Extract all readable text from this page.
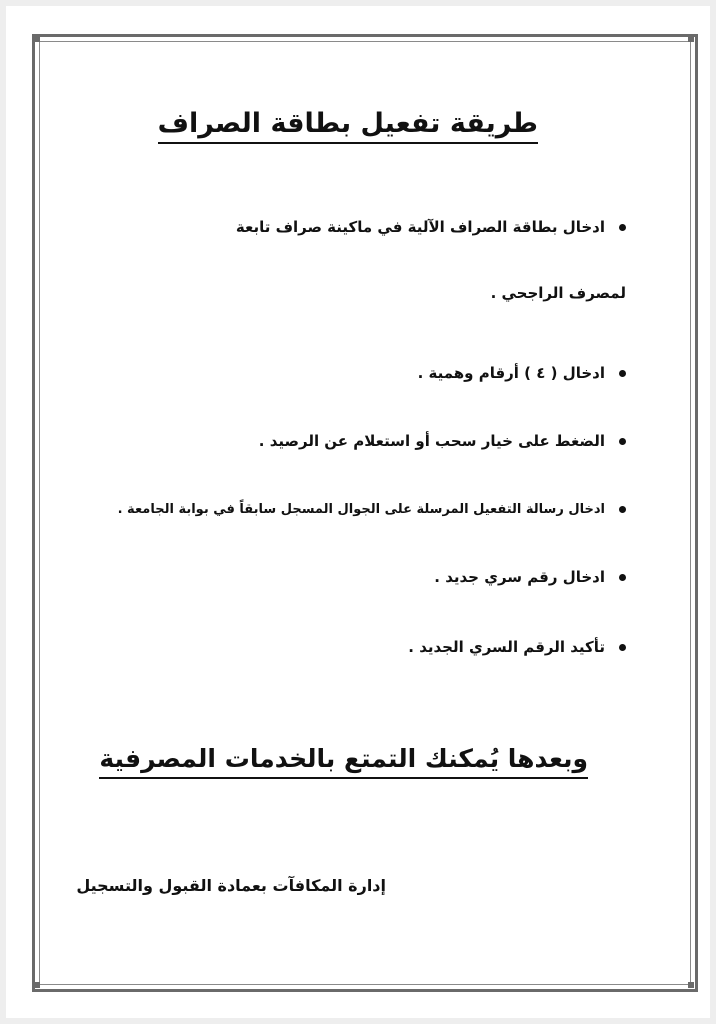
طريقة تفعيل بطاقة الصراف
ادخال بطاقة الصراف الآلية في ماكينة صراف تابعة
لمصرف الراجحي .
ادخال ( ٤ ) أرقام وهمية .
الضغط على خيار سحب أو استعلام عن الرصيد .
ادخال رسالة التفعيل المرسلة على الجوال المسجل سابقاً في بوابة الجامعة .
ادخال رقم سري جديد .
تأكيد الرقم السري الجديد .
وبعدها يُمكنك التمتع بالخدمات المصرفية
إدارة المكافآت بعمادة القبول والتسجيل
